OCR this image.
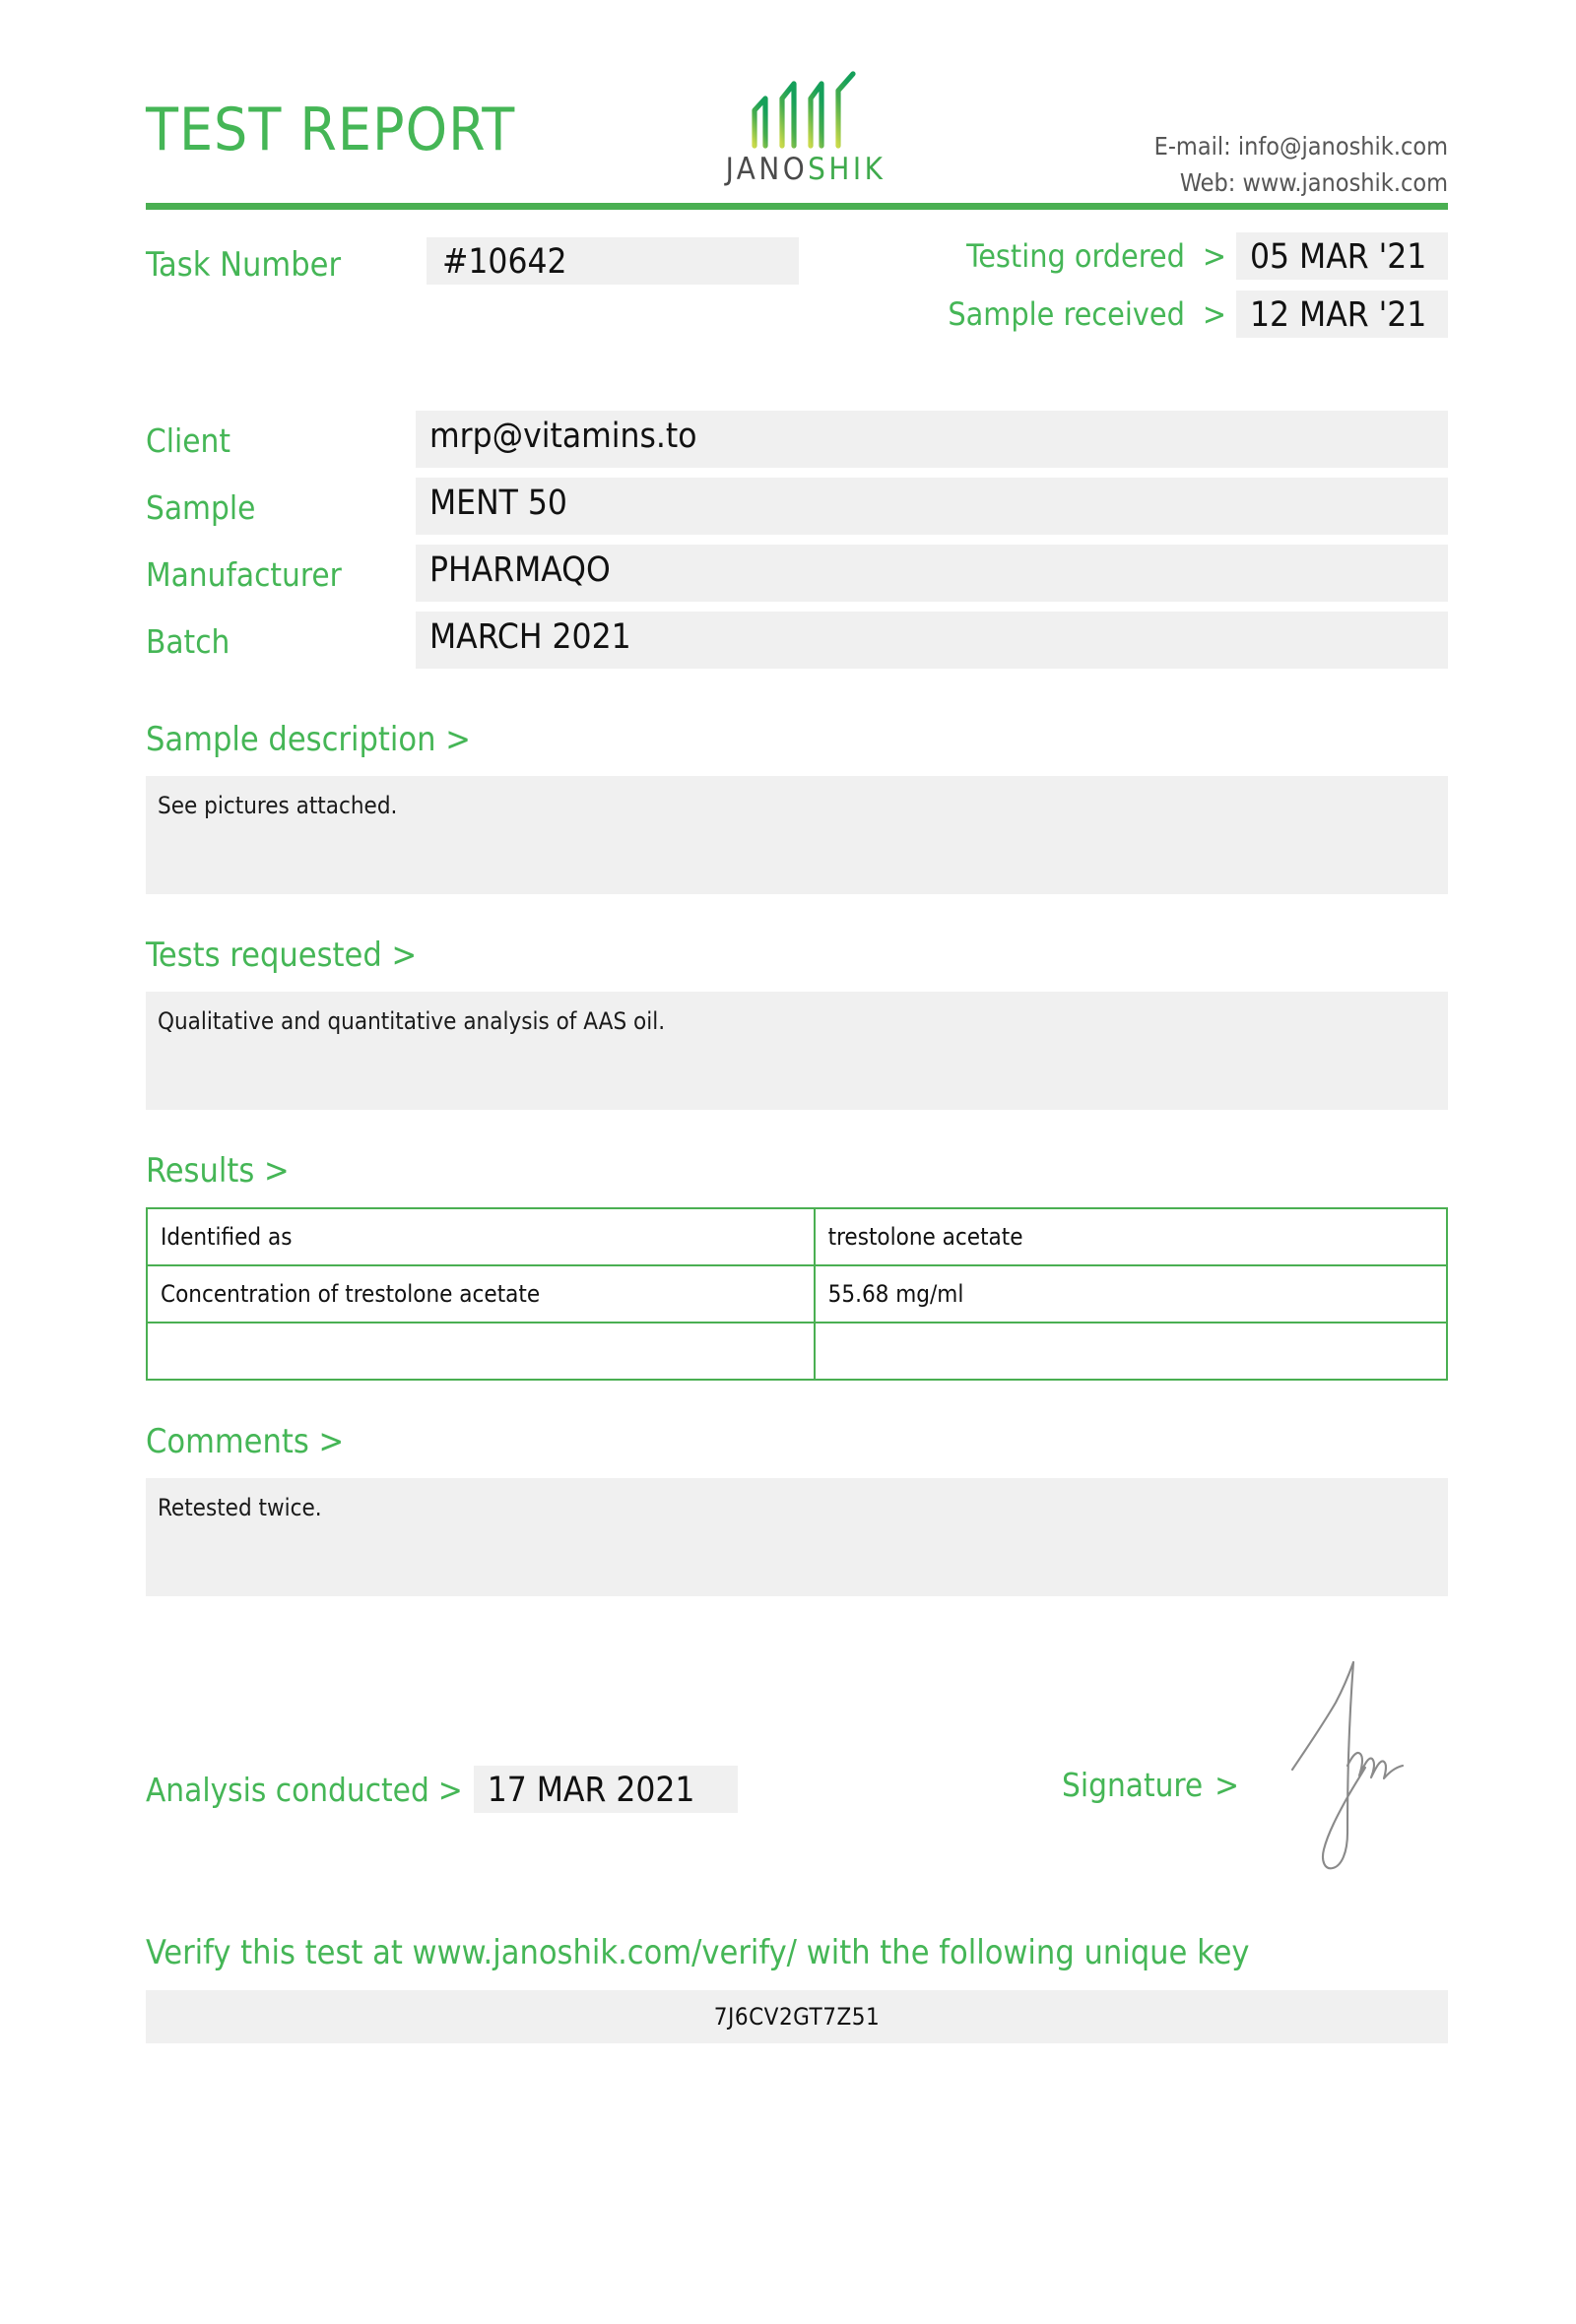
TEST REPORT
JANOSHIK
E-mail: info@janoshik.com
Web: www.janoshik.com
Task Number	#10642	Testing ordered > 05 MAR '21
Sample received > 12 MAR '21
Client	mrp@vitamins.to
Sample	MENT 50
Manufacturer	PHARMAQO
Batch	MARCH 2021
Sample description >
See pictures attached.
Tests requested >
Qualitative and quantitative analysis of AAS oil.
Results >
Identified as	trestolone acetate
Concentration of trestolone acetate	55.68 mg/ml

Comments >
Retested twice.
Analysis conducted > 17 MAR 2021	Signature >
Verify this test at www.janoshik.com/verify/ with the following unique key
7J6CV2GT7Z51
